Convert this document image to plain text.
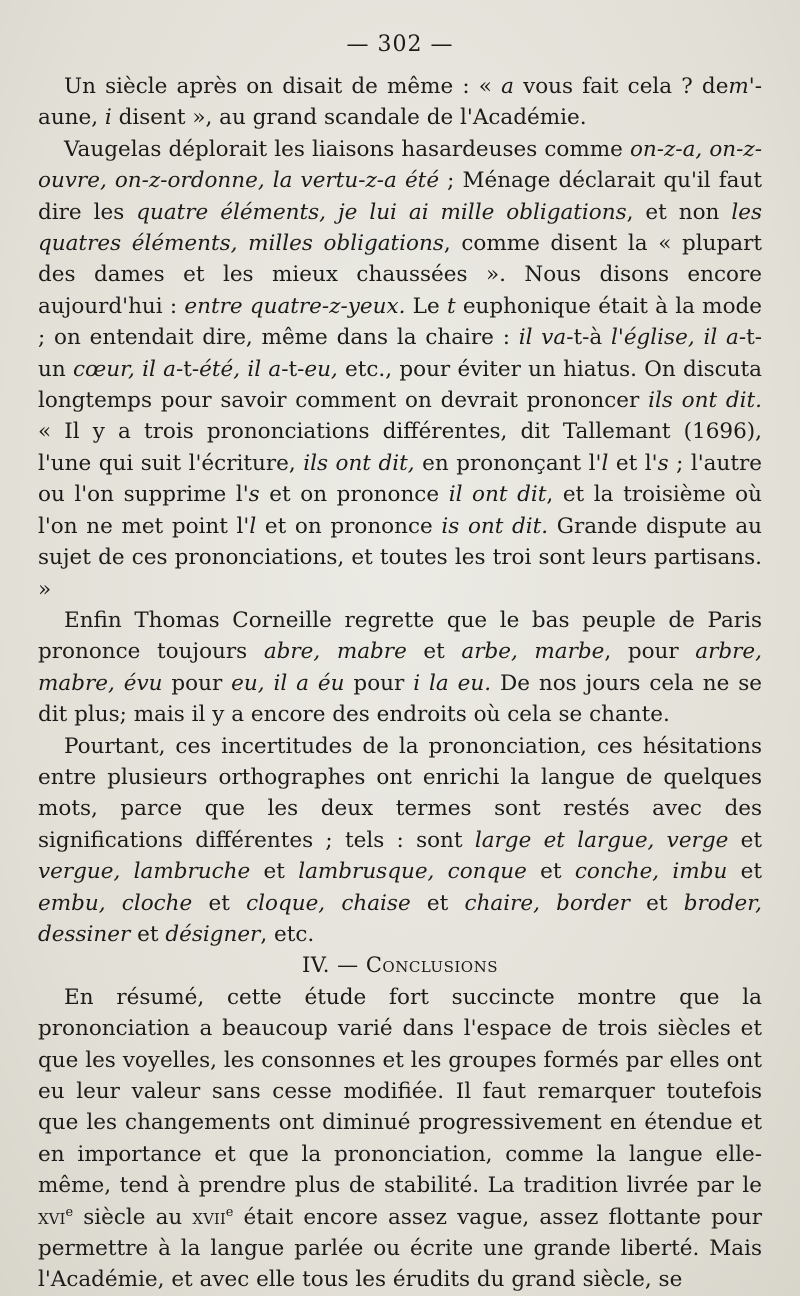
— 302 —

Un siècle après on disait de même : « a vous fait cela ? dem'-aune, i disent », au grand scandale de l'Académie.

Vaugelas déplorait les liaisons hasardeuses comme on-z-a, on-z-ouvre, on-z-ordonne, la vertu-z-a été ; Ménage déclarait qu'il faut dire les quatre éléments, je lui ai mille obligations, et non les quatres éléments, milles obligations, comme disent la « plupart des dames et les mieux chaussées ». Nous disons encore aujourd'hui : entre quatre-z-yeux. Le t euphonique était à la mode ; on entendait dire, même dans la chaire : il va-t-à l'église, il a-t-un cœur, il a-t-été, il a-t-eu, etc., pour éviter un hiatus. On discuta longtemps pour savoir comment on devrait prononcer ils ont dit. « Il y a trois prononciations différentes, dit Tallemant (1696), l'une qui suit l'écriture, ils ont dit, en prononçant l'l et l's ; l'autre ou l'on supprime l's et on prononce il ont dit, et la troisième où l'on ne met point l'l et on prononce is ont dit. Grande dispute au sujet de ces prononciations, et toutes les troi sont leurs partisans. »

Enfin Thomas Corneille regrette que le bas peuple de Paris prononce toujours abre, mabre et arbe, marbe, pour arbre, mabre, évu pour eu, il a éu pour i la eu. De nos jours cela ne se dit plus; mais il y a encore des endroits où cela se chante.

Pourtant, ces incertitudes de la prononciation, ces hésitations entre plusieurs orthographes ont enrichi la langue de quelques mots, parce que les deux termes sont restés avec des significations différentes ; tels : sont large et largue, verge et vergue, lambruche et lambrusque, conque et conche, imbu et embu, cloche et cloque, chaise et chaire, border et broder, dessiner et désigner, etc.

IV. — Conclusions

En résumé, cette étude fort succincte montre que la prononciation a beaucoup varié dans l'espace de trois siècles et que les voyelles, les consonnes et les groupes formés par elles ont eu leur valeur sans cesse modifiée. Il faut remarquer toutefois que les changements ont diminué progressivement en étendue et en importance et que la prononciation, comme la langue elle-même, tend à prendre plus de stabilité. La tradition livrée par le xvi$^e$ siècle au xvii$^e$ était encore assez vague, assez flottante pour permettre à la langue parlée ou écrite une grande liberté. Mais l'Académie, et avec elle tous les érudits du grand siècle, se
